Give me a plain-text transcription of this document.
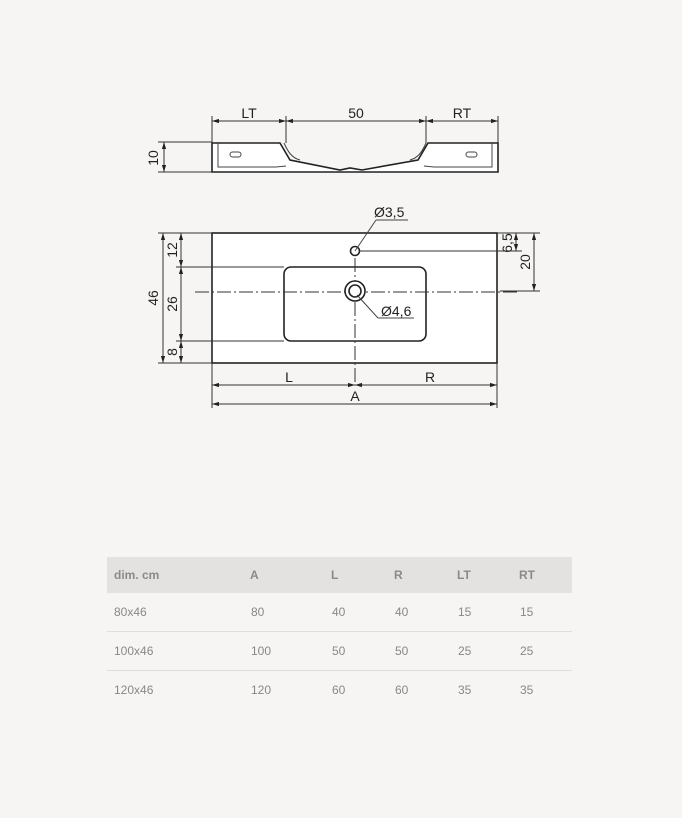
LT	50	RT
10
Ø3,5
Ø4,6
46
12
26
8
6,5
20
L	R
A
dim. cm	A	L	R	LT	RT
80x46	80	40	40	15	15
100x46	100	50	50	25	25
120x46	120	60	60	35	35
